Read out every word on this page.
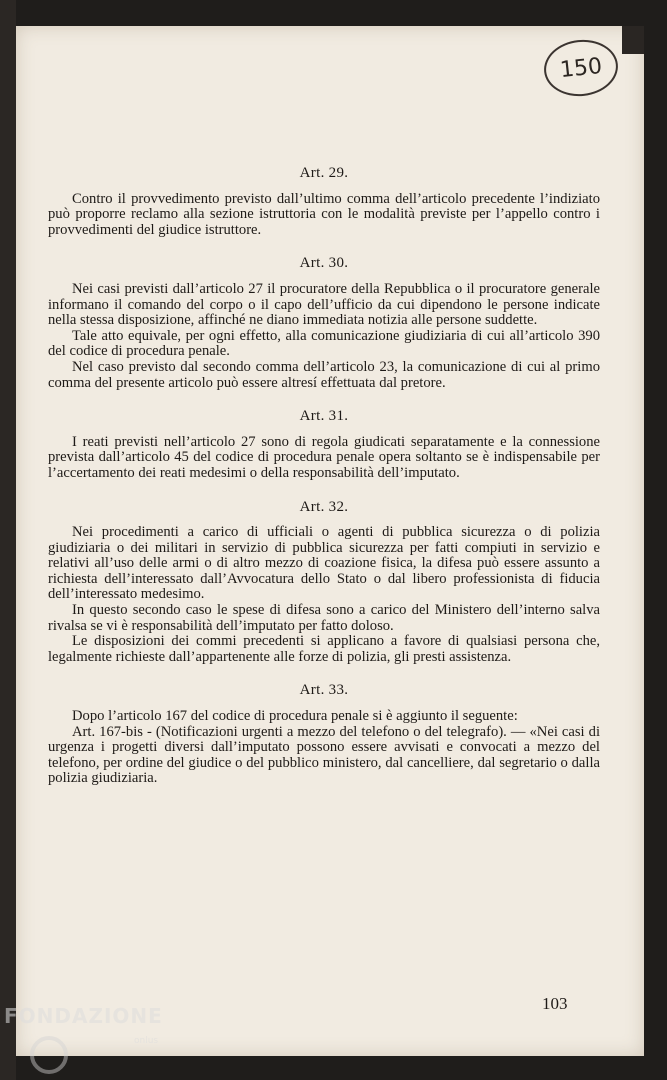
150
Art. 29.

Contro il provvedimento previsto dall’ultimo comma dell’articolo precedente l’indiziato può proporre reclamo alla sezione istruttoria con le modalità previste per l’appello contro i provvedimenti del giudice istruttore.

Art. 30.

Nei casi previsti dall’articolo 27 il procuratore della Repubblica o il procuratore generale informano il comando del corpo o il capo dell’ufficio da cui dipendono le persone indicate nella stessa disposizione, affinché ne diano immediata notizia alle persone suddette.

Tale atto equivale, per ogni effetto, alla comunicazione giudiziaria di cui all’articolo 390 del codice di procedura penale.

Nel caso previsto dal secondo comma dell’articolo 23, la comunicazione di cui al primo comma del presente articolo può essere altresí effettuata dal pretore.

Art. 31.

I reati previsti nell’articolo 27 sono di regola giudicati separatamente e la connessione prevista dall’articolo 45 del codice di procedura penale opera soltanto se è indispensabile per l’accertamento dei reati medesimi o della responsabilità dell’imputato.

Art. 32.

Nei procedimenti a carico di ufficiali o agenti di pubblica sicurezza o di polizia giudiziaria o dei militari in servizio di pubblica sicurezza per fatti compiuti in servizio e relativi all’uso delle armi o di altro mezzo di coazione fisica, la difesa può essere assunto a richiesta dell’interessato dall’Avvocatura dello Stato o dal libero professionista di fiducia dell’interessato medesimo.

In questo secondo caso le spese di difesa sono a carico del Ministero dell’interno salva rivalsa se vi è responsabilità dell’imputato per fatto doloso.

Le disposizioni dei commi precedenti si applicano a favore di qualsiasi persona che, legalmente richieste dall’appartenente alle forze di polizia, gli presti assistenza.

Art. 33.

Dopo l’articolo 167 del codice di procedura penale si è aggiunto il seguente:

Art. 167-bis - (Notificazioni urgenti a mezzo del telefono o del telegrafo). — «Nei casi di urgenza i progetti diversi dall’imputato possono essere avvisati e convocati a mezzo del telefono, per ordine del giudice o del pubblico ministero, dal cancelliere, dal segretario o dalla polizia giudiziaria.

103
FONDAZIONE
onlus
